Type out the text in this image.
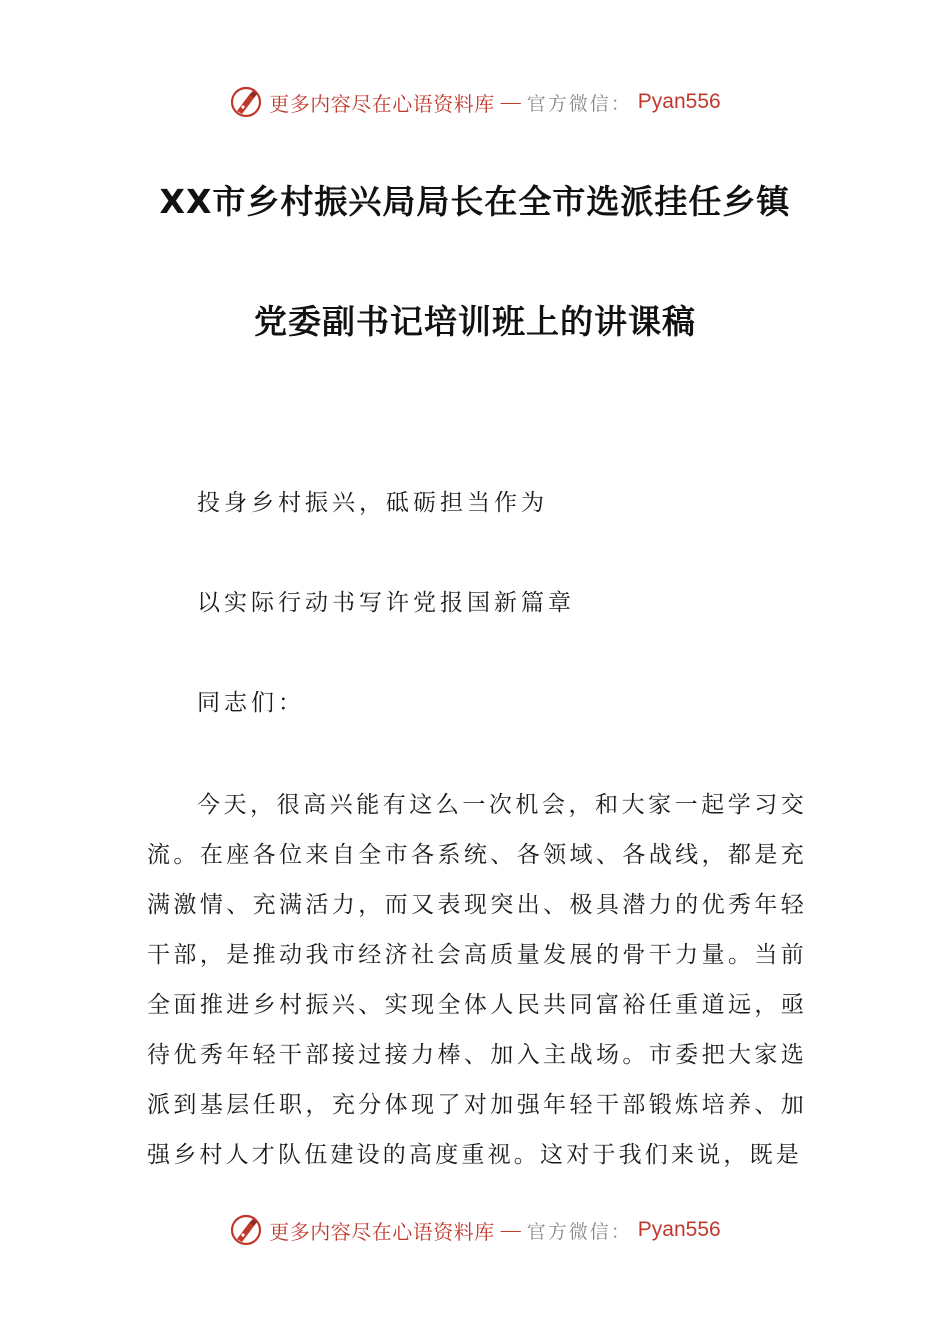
更多内容尽在心语资料库 — 官方微信： Pyan556
XX市乡村振兴局局长在全市选派挂任乡镇
党委副书记培训班上的讲课稿
投身乡村振兴，砥砺担当作为
以实际行动书写许党报国新篇章
同志们：
今天，很高兴能有这么一次机会，和大家一起学习交流。在座各位来自全市各系统、各领域、各战线，都是充满激情、充满活力，而又表现突出、极具潜力的优秀年轻干部，是推动我市经济社会高质量发展的骨干力量。当前全面推进乡村振兴、实现全体人民共同富裕任重道远，亟待优秀年轻干部接过接力棒、加入主战场。市委把大家选派到基层任职，充分体现了对加强年轻干部锻炼培养、加强乡村人才队伍建设的高度重视。这对于我们来说，既是
更多内容尽在心语资料库 — 官方微信： Pyan556
